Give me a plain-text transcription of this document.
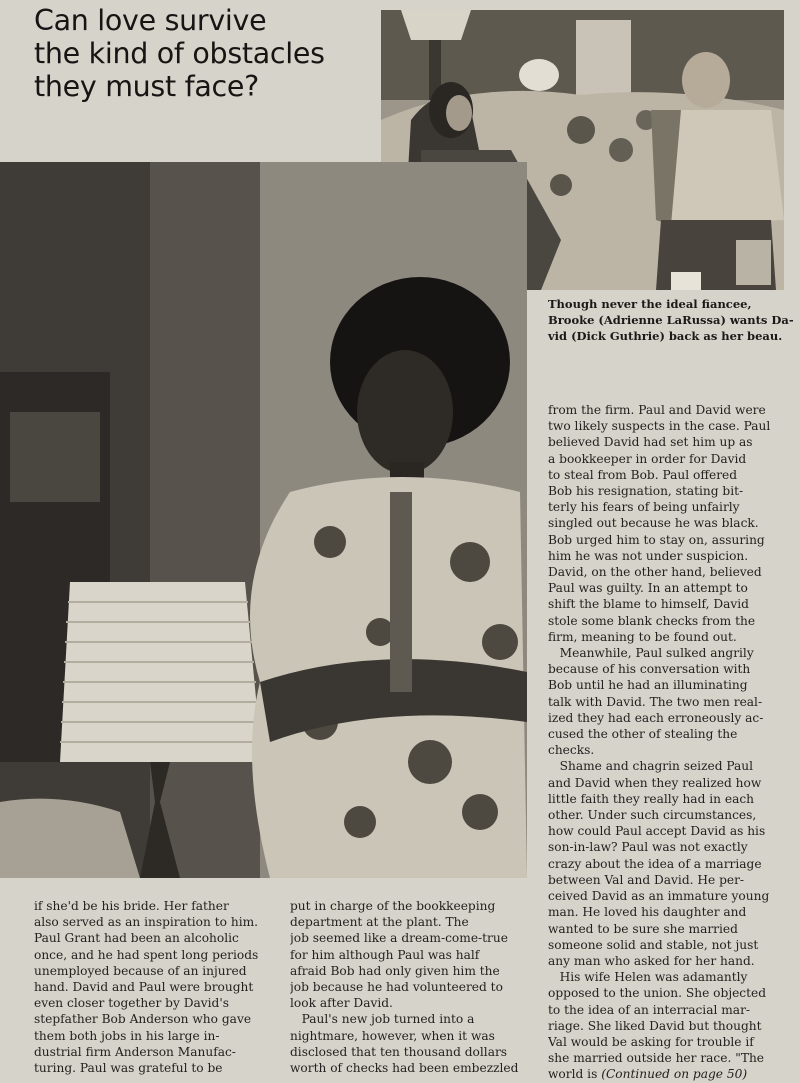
Can love survive
the kind of obstacles
they must face?
Though never the ideal fiancee,
Brooke (Adrienne LaRussa) wants Da-
vid (Dick Guthrie) back as her beau.
from the firm. Paul and David were
two likely suspects in the case. Paul
believed David had set him up as
a bookkeeper in order for David
to steal from Bob. Paul offered
Bob his resignation, stating bit-
terly his fears of being unfairly
singled out because he was black.
Bob urged him to stay on, assuring
him he was not under suspicion.
David, on the other hand, believed
Paul was guilty. In an attempt to
shift the blame to himself, David
stole some blank checks from the
firm, meaning to be found out.
Meanwhile, Paul sulked angrily
because of his conversation with
Bob until he had an illuminating
talk with David. The two men real-
ized they had each erroneously ac-
cused the other of stealing the
checks.
Shame and chagrin seized Paul
and David when they realized how
little faith they really had in each
other. Under such circumstances,
how could Paul accept David as his
son-in-law? Paul was not exactly
crazy about the idea of a marriage
between Val and David. He per-
ceived David as an immature young
man. He loved his daughter and
wanted to be sure she married
someone solid and stable, not just
any man who asked for her hand.
His wife Helen was adamantly
opposed to the union. She objected
to the idea of an interracial mar-
riage. She liked David but thought
Val would be asking for trouble if
she married outside her race. "The
world is (Continued on page 50)
if she'd be his bride. Her father
also served as an inspiration to him.
Paul Grant had been an alcoholic
once, and he had spent long periods
unemployed because of an injured
hand. David and Paul were brought
even closer together by David's
stepfather Bob Anderson who gave
them both jobs in his large in-
dustrial firm Anderson Manufac-
turing. Paul was grateful to be
put in charge of the bookkeeping
department at the plant. The
job seemed like a dream-come-true
for him although Paul was half
afraid Bob had only given him the
job because he had volunteered to
look after David.
Paul's new job turned into a
nightmare, however, when it was
disclosed that ten thousand dollars
worth of checks had been embezzled
